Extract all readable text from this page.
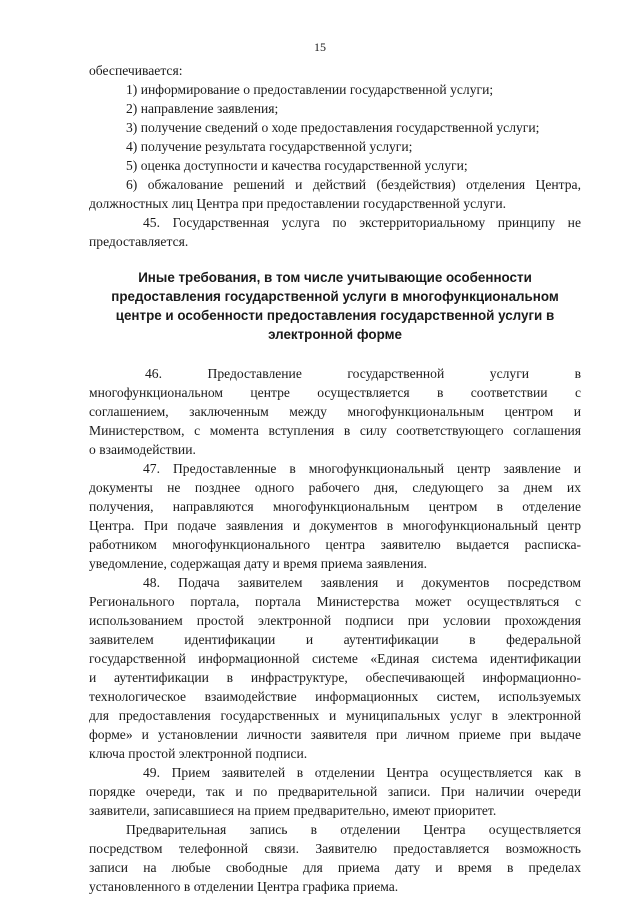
15
обеспечивается:
1) информирование о предоставлении государственной услуги;
2) направление заявления;
3) получение сведений о ходе предоставления государственной услуги;
4) получение результата государственной услуги;
5) оценка доступности и качества государственной услуги;
6) обжалование решений и действий (бездействия) отделения Центра,
должностных лиц Центра при предоставлении государственной услуги.
45. Государственная услуга по экстерриториальному принципу не
предоставляется.
Иные требования, в том числе учитывающие особенности
предоставления государственной услуги в многофункциональном
центре и особенности предоставления государственной услуги в
электронной форме
46.	Предоставление	государственной	услуги	в
многофункциональном центре осуществляется в соответствии с
соглашением, заключенным между многофункциональным центром и
Министерством, с момента вступления в силу соответствующего соглашения
о взаимодействии.
47. Предоставленные в многофункциональный центр заявление и
документы не позднее одного рабочего дня, следующего за днем их
получения, направляются многофункциональным центром в отделение
Центра. При подаче заявления и документов в многофункциональный центр
работником многофункционального центра заявителю выдается расписка-
уведомление, содержащая дату и время приема заявления.
48. Подача заявителем заявления и документов посредством
Регионального портала, портала Министерства может осуществляться с
использованием простой электронной подписи при условии прохождения
заявителем идентификации и аутентификации в федеральной
государственной информационной системе «Единая система идентификации
и аутентификации в инфраструктуре, обеспечивающей информационно-
технологическое взаимодействие информационных систем, используемых
для предоставления государственных и муниципальных услуг в электронной
форме» и установлении личности заявителя при личном приеме при выдаче
ключа простой электронной подписи.
49. Прием заявителей в отделении Центра осуществляется как в
порядке очереди, так и по предварительной записи. При наличии очереди
заявители, записавшиеся на прием предварительно, имеют приоритет.
Предварительная запись в отделении Центра осуществляется
посредством телефонной связи. Заявителю предоставляется возможность
записи на любые свободные для приема дату и время в пределах
установленного в отделении Центра графика приема.
